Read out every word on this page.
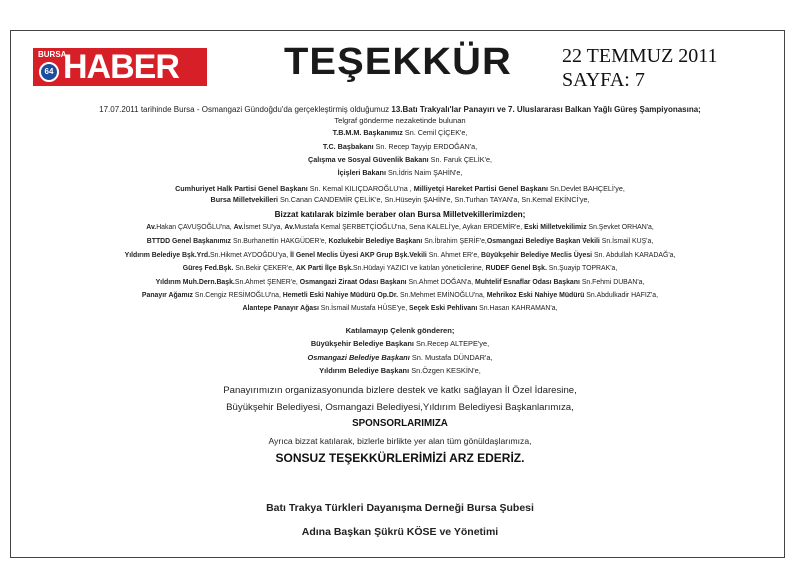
BURSA
64 HABER	TEŞEKKÜR	22 TEMMUZ 2011
SAYFA: 7
17.07.2011 tarihinde Bursa - Osmangazi Gündoğdu'da gerçekleştirmiş olduğumuz 13.Batı Trakyalı'lar Panayırı ve 7. Uluslararası Balkan Yağlı Güreş Şampiyonasına;
Telgraf gönderme nezaketinde bulunan
T.B.M.M. Başkanımız Sn. Cemil ÇİÇEK'e,
T.C. Başbakanı Sn. Recep Tayyip ERDOĞAN'a,
Çalışma ve Sosyal Güvenlik Bakanı Sn. Faruk ÇELİK'e,
İçişleri Bakanı Sn.İdris Naim ŞAHİN'e,
Cumhuriyet Halk Partisi Genel Başkanı Sn. Kemal KILIÇDAROĞLU'na , Milliyetçi Hareket Partisi Genel Başkanı Sn.Devlet BAHÇELİ'ye,
Bursa Milletvekilleri Sn.Canan CANDEMİR ÇELİK'e, Sn.Hüseyin ŞAHİN'e, Sn.Turhan TAYAN'a, Sn.Kemal EKİNCİ'ye,
Bizzat katılarak bizimle beraber olan Bursa Milletvekillerimizden;
Av.Hakan ÇAVUŞOĞLU'na, Av.İsmet SU'ya, Av.Mustafa Kemal ŞERBETÇİOĞLU'na, Sena KALELİ'ye, Aykan ERDEMİR'e, Eski Milletvekilimiz Sn.Şevket ORHAN'a,
BTTDD Genel Başkanımız Sn.Burhanettin HAKGÜDER'e, Kozlukebir Belediye Başkanı Sn.İbrahim ŞERİF'e,Osmangazi Belediye Başkan Vekili Sn.İsmail KUŞ'a,
Yıldırım Belediye Bşk.Yrd.Sn.Hikmet AYDOĞDU'ya, İl Genel Meclis Üyesi AKP Grup Bşk.Vekili Sn. Ahmet ER'e, Büyükşehir Belediye Meclis Üyesi Sn. Abdullah KARADAĞ'a,
Güreş Fed.Bşk. Sn.Bekir ÇEKER'e, AK Parti İlçe Bşk.Sn.Hüdayi YAZICI ve katılan yöneticilerine, RUDEF Genel Bşk. Sn.Şuayip TOPRAK'a,
Yıldırım Muh.Dern.Başk.Sn.Ahmet ŞENER'e, Osmangazi Ziraat Odası Başkanı Sn.Ahmet DOĞAN'a, Muhtelif Esnaflar Odası Başkanı Sn.Fehmi DUBAN'a,
Panayır Ağamız Sn.Cengiz RESİMOĞLU'na, Hemetli Eski Nahiye Müdürü Op.Dr. Sn.Mehmet EMİNOĞLU'na, Mehrikoz Eski Nahiye Müdürü Sn.Abdulkadir HAFIZ'a,
Alantepe Panayır Ağası Sn.İsmail Mustafa HÜSE'ye, Seçek Eski Pehlivanı Sn.Hasan KAHRAMAN'a,
Katılamayıp Çelenk gönderen;
Büyükşehir Belediye Başkanı Sn.Recep ALTEPE'ye,
Osmangazi Belediye Başkanı Sn. Mustafa DÜNDAR'a,
Yıldırım Belediye Başkanı Sn.Özgen KESKİN'e,
Panayırımızın organizasyonunda bizlere destek ve katkı sağlayan İl Özel İdaresine,
Büyükşehir Belediyesi, Osmangazi Belediyesi,Yıldırım Belediyesi Başkanlarımıza,
SPONSORLARIMIZA
Ayrıca bizzat katılarak, bizlerle birlikte yer alan tüm gönüldaşlarımıza,
SONSUZ TEŞEKKÜRLERİMİZİ ARZ EDERİZ.
Batı Trakya Türkleri Dayanışma Derneği Bursa Şubesi
Adına Başkan Şükrü KÖSE ve Yönetimi
